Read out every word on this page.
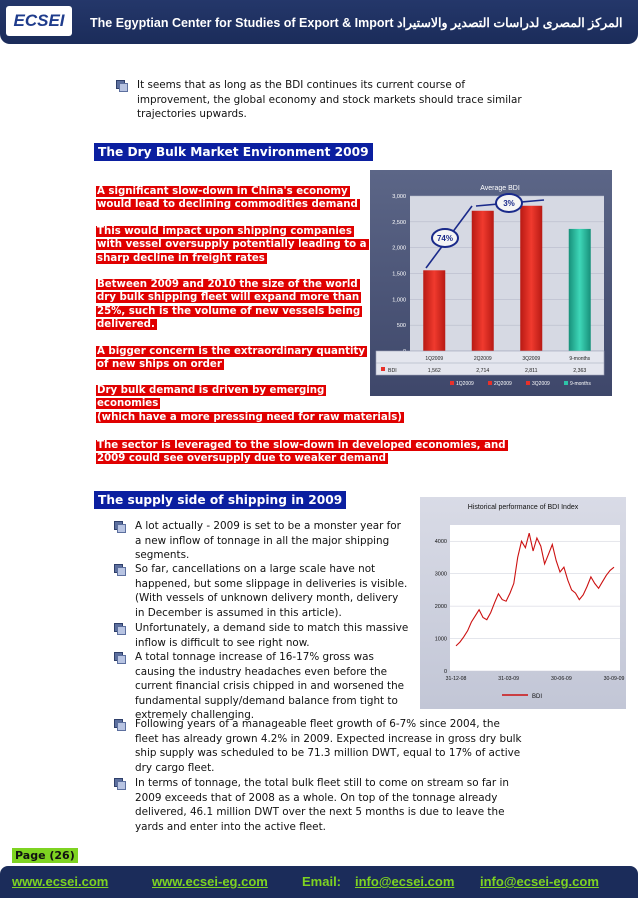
ECSEI The Egyptian Center for Studies of Export & Import المركز المصرى لدراسات التصدير والاستيراد
It seems that as long as the BDI continues its current course of
improvement, the global economy and stock markets should trace similar
trajectories upwards.
The Dry Bulk Market Environment 2009
A significant slow-down in China's economy
would lead to declining commodities demand
This would impact upon shipping companies
with vessel oversupply potentially leading to a
sharp decline in freight rates
Between 2009 and 2010 the size of the world
dry bulk shipping fleet will expand more than
25%, such is the volume of new vessels being
delivered.
A bigger concern is the extraordinary quantity
of new ships on order
Dry bulk demand is driven by emerging
economies
(which have a more pressing need for raw materials)
The sector is leveraged to the slow-down in developed economies, and
2009 could see oversupply due to weaker demand
Average BDI
500
1,000
1,500
2,000
2,500
3,000
74%
3%
1Q2009
1,562
2Q2009
2,714
3Q2009
2,811
9-months
2,363
BDI
1Q2009	2Q2009	3Q2009	9-months
The supply side of shipping in 2009
A lot actually - 2009 is set to be a monster year for
a new inflow of tonnage in all the major shipping
segments.
So far, cancellations on a large scale have not
happened, but some slippage in deliveries is visible.
(With vessels of unknown delivery month, delivery
in December is assumed in this article).
Unfortunately, a demand side to match this massive
inflow is difficult to see right now.
A total tonnage increase of 16-17% gross was
causing the industry headaches even before the
current financial crisis chipped in and worsened the
fundamental supply/demand balance from tight to
extremely challenging.
Following years of a manageable fleet growth of 6-7% since 2004, the
fleet has already grown 4.2% in 2009. Expected increase in gross dry bulk
ship supply was scheduled to be 71.3 million DWT, equal to 17% of active
dry cargo fleet.
In terms of tonnage, the total bulk fleet still to come on stream so far in
2009 exceeds that of 2008 as a whole. On top of the tonnage already
delivered, 46.1 million DWT over the next 5 months is due to leave the
yards and enter into the active fleet.
Historical performance of BDI Index
0
1000
2000
3000
4000
31-12-08	31-03-09	30-06-09	30-09-09
BDI
Page (26)
www.ecsei.com	www.ecsei-eg.com	Email: info@ecsei.com info@ecsei-eg.com
